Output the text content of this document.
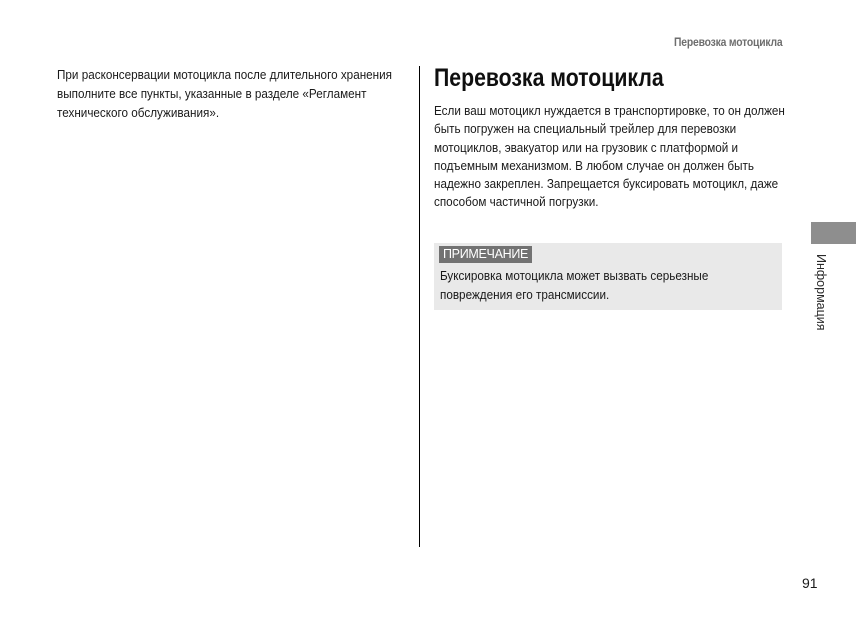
Перевозка мотоцикла

При расконсервации мотоцикла после длительного хранения выполните все пункты, указанные в разделе «Регламент технического обслуживания».

Перевозка мотоцикла

Если ваш мотоцикл нуждается в транспортировке, то он должен быть погружен на специальный трейлер для перевозки мотоциклов, эвакуатор или на грузовик с платформой и подъемным механизмом. В любом случае он должен быть надежно закреплен. Запрещается буксировать мотоцикл, даже способом частичной погрузки.

ПРИМЕЧАНИЕ

Буксировка мотоцикла может вызвать серьезные повреждения его трансмиссии.	Информация
91
